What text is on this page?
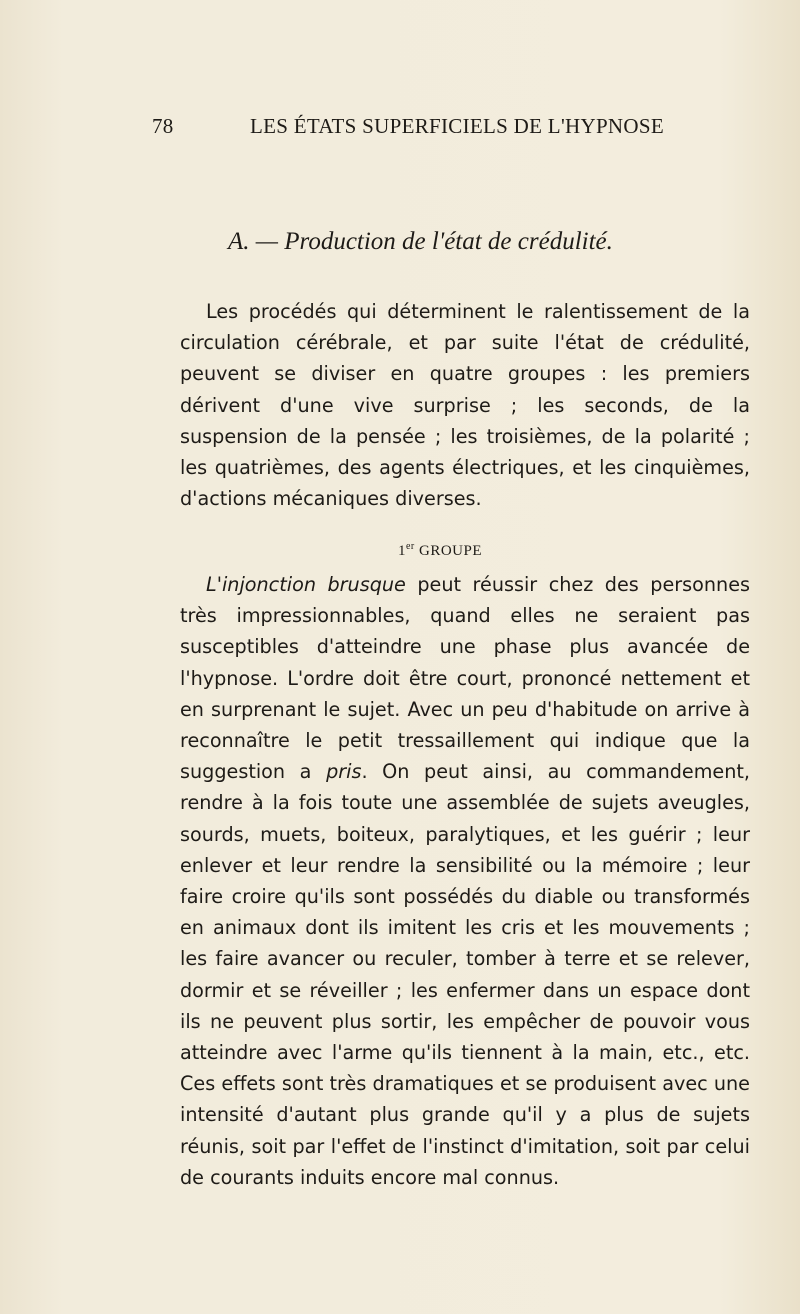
78	LES ÉTATS SUPERFICIELS DE L'HYPNOSE
A. — Production de l'état de crédulité.

Les procédés qui déterminent le ralentissement de la circulation cérébrale, et par suite l'état de crédulité, peuvent se diviser en quatre groupes : les premiers dérivent d'une vive surprise ; les seconds, de la suspension de la pensée ; les troisièmes, de la polarité ; les quatrièmes, des agents électriques, et les cinquièmes, d'actions mécaniques diverses.

1er GROUPE

L'injonction brusque peut réussir chez des personnes très impressionnables, quand elles ne seraient pas susceptibles d'atteindre une phase plus avancée de l'hypnose. L'ordre doit être court, prononcé nettement et en surprenant le sujet. Avec un peu d'habitude on arrive à reconnaître le petit tressaillement qui indique que la suggestion a pris. On peut ainsi, au commandement, rendre à la fois toute une assemblée de sujets aveugles, sourds, muets, boiteux, paralytiques, et les guérir ; leur enlever et leur rendre la sensibilité ou la mémoire ; leur faire croire qu'ils sont possédés du diable ou transformés en animaux dont ils imitent les cris et les mouvements ; les faire avancer ou reculer, tomber à terre et se relever, dormir et se réveiller ; les enfermer dans un espace dont ils ne peuvent plus sortir, les empêcher de pouvoir vous atteindre avec l'arme qu'ils tiennent à la main, etc., etc. Ces effets sont très dramatiques et se produisent avec une intensité d'autant plus grande qu'il y a plus de sujets réunis, soit par l'effet de l'instinct d'imitation, soit par celui de courants induits encore mal connus.
